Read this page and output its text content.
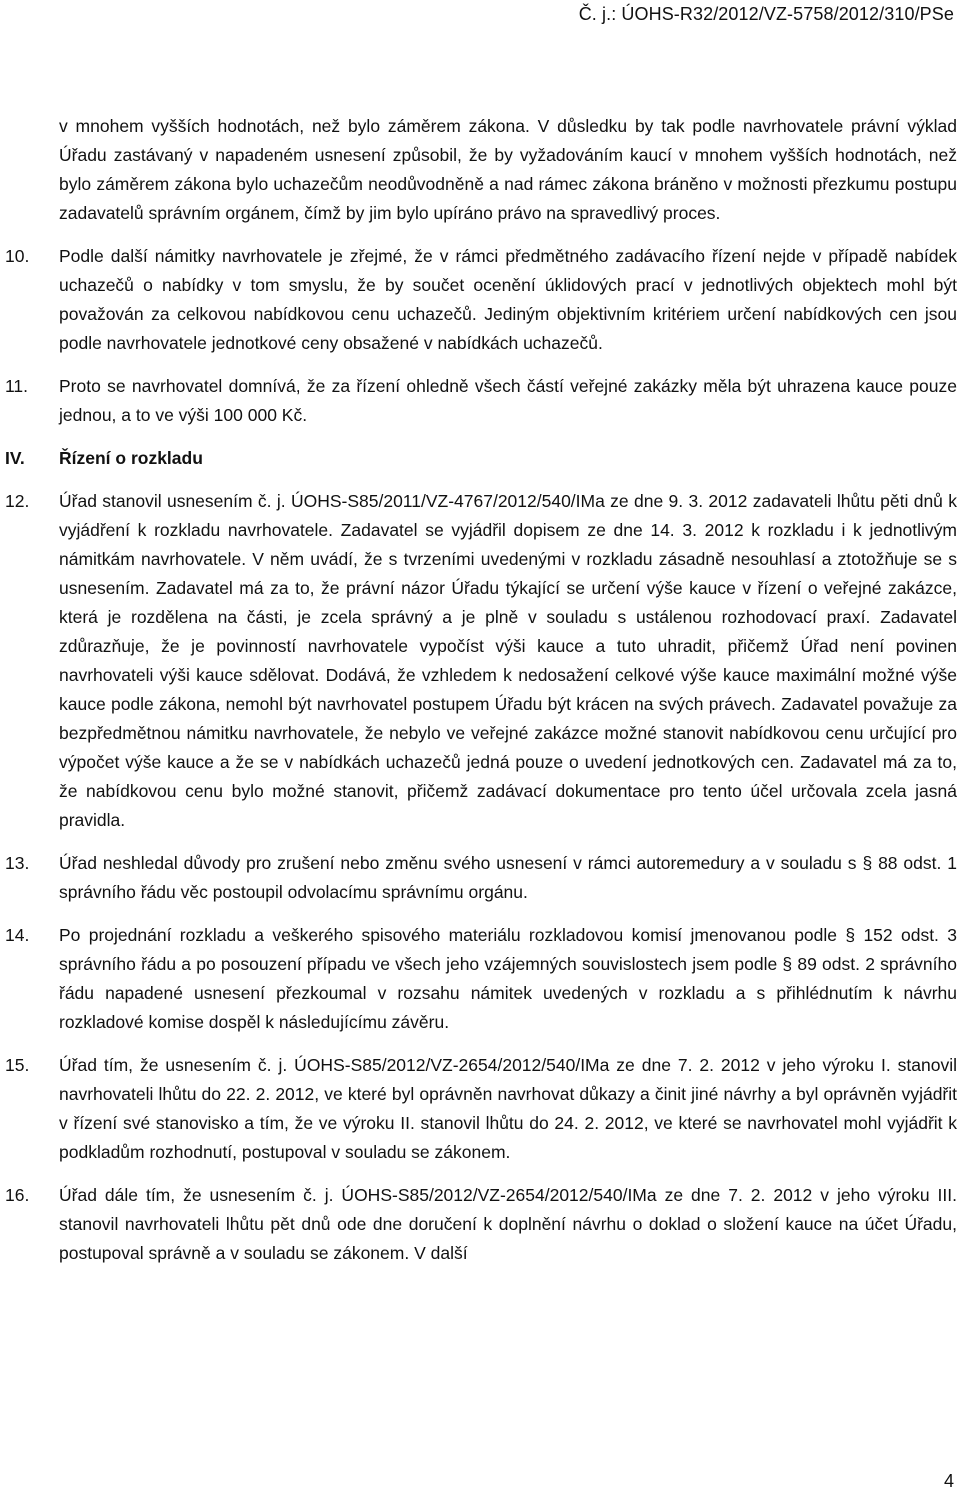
Č. j.: ÚOHS-R32/2012/VZ-5758/2012/310/PSe

v mnohem vyšších hodnotách, než bylo záměrem zákona. V důsledku by tak podle navrhovatele právní výklad Úřadu zastávaný v napadeném usnesení způsobil, že by vyžadováním kaucí v mnohem vyšších hodnotách, než bylo záměrem zákona bylo uchazečům neodůvodněně a nad rámec zákona bráněno v možnosti přezkumu postupu zadavatelů správním orgánem, čímž by jim bylo upíráno právo na spravedlivý proces.

10.	Podle další námitky navrhovatele je zřejmé, že v rámci předmětného zadávacího řízení nejde v případě nabídek uchazečů o nabídky v tom smyslu, že by součet ocenění úklidových prací v jednotlivých objektech mohl být považován za celkovou nabídkovou cenu uchazečů. Jediným objektivním kritériem určení nabídkových cen jsou podle navrhovatele jednotkové ceny obsažené v nabídkách uchazečů.
11.	Proto se navrhovatel domnívá, že za řízení ohledně všech částí veřejné zakázky měla být uhrazena kauce pouze jednou, a to ve výši 100 000 Kč.
IV.	Řízení o rozkladu
12.	Úřad stanovil usnesením č. j. ÚOHS-S85/2011/VZ-4767/2012/540/IMa ze dne 9. 3. 2012 zadavateli lhůtu pěti dnů k vyjádření k rozkladu navrhovatele. Zadavatel se vyjádřil dopisem ze dne 14. 3. 2012 k rozkladu i k jednotlivým námitkám navrhovatele. V něm uvádí, že s tvrzeními uvedenými v rozkladu zásadně nesouhlasí a ztotožňuje se s usnesením. Zadavatel má za to, že právní názor Úřadu týkající se určení výše kauce v řízení o veřejné zakázce, která je rozdělena na části, je zcela správný a je plně v souladu s ustálenou rozhodovací praxí. Zadavatel zdůrazňuje, že je povinností navrhovatele vypočíst výši kauce a tuto uhradit, přičemž Úřad není povinen navrhovateli výši kauce sdělovat. Dodává, že vzhledem k nedosažení celkové výše kauce maximální možné výše kauce podle zákona, nemohl být navrhovatel postupem Úřadu být krácen na svých právech. Zadavatel považuje za bezpředmětnou námitku navrhovatele, že nebylo ve veřejné zakázce možné stanovit nabídkovou cenu určující pro výpočet výše kauce a že se v nabídkách uchazečů jedná pouze o uvedení jednotkových cen. Zadavatel má za to, že nabídkovou cenu bylo možné stanovit, přičemž zadávací dokumentace pro tento účel určovala zcela jasná pravidla.
13.	Úřad neshledal důvody pro zrušení nebo změnu svého usnesení v rámci autoremedury a v souladu s § 88 odst. 1 správního řádu věc postoupil odvolacímu správnímu orgánu.
14.	Po projednání rozkladu a veškerého spisového materiálu rozkladovou komisí jmenovanou podle § 152 odst. 3 správního řádu a po posouzení případu ve všech jeho vzájemných souvislostech jsem podle § 89 odst. 2 správního řádu napadené usnesení přezkoumal v rozsahu námitek uvedených v rozkladu a s přihlédnutím k návrhu rozkladové komise dospěl k následujícímu závěru.
15.	Úřad tím, že usnesením č. j. ÚOHS-S85/2012/VZ-2654/2012/540/IMa ze dne 7. 2. 2012 v jeho výroku I. stanovil navrhovateli lhůtu do 22. 2. 2012, ve které byl oprávněn navrhovat důkazy a činit jiné návrhy a byl oprávněn vyjádřit v řízení své stanovisko a tím, že ve výroku II. stanovil lhůtu do 24. 2. 2012, ve které se navrhovatel mohl vyjádřit k podkladům rozhodnutí, postupoval v souladu se zákonem.
16.	Úřad dále tím, že usnesením č. j. ÚOHS-S85/2012/VZ-2654/2012/540/IMa ze dne 7. 2. 2012 v jeho výroku III. stanovil navrhovateli lhůtu pět dnů ode dne doručení k doplnění návrhu o doklad o složení kauce na účet Úřadu, postupoval správně a v souladu se zákonem. V další
4
